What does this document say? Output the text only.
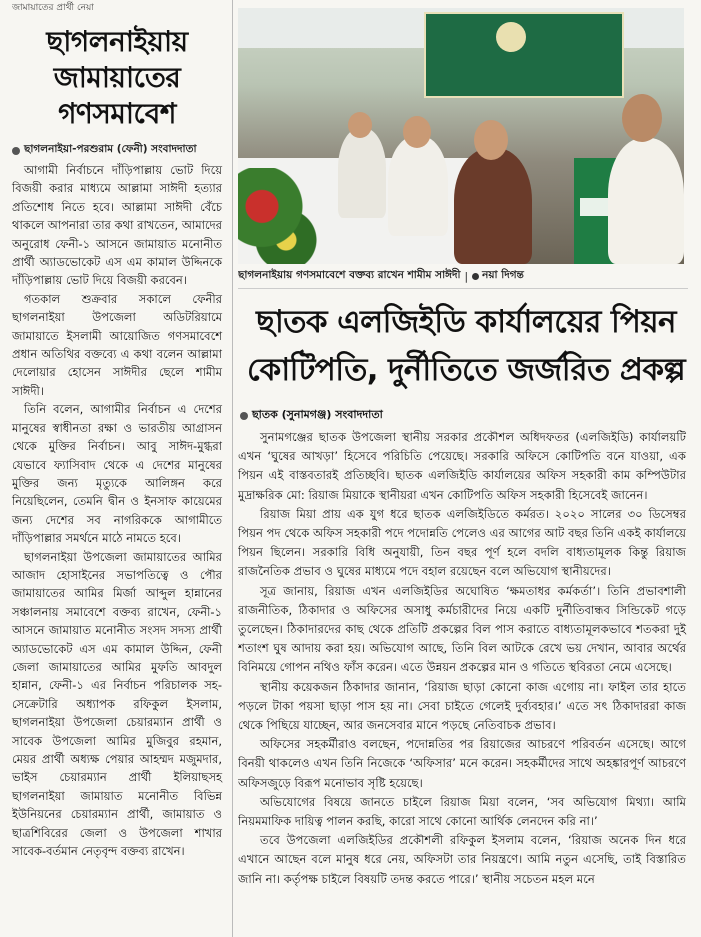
জামায়াতের প্রার্থী নেয়া
ছাগলনাইয়ায়
জামায়াতের
গণসমাবেশ
ছাগলনাইয়া-পরশুরাম (ফেনী) সংবাদদাতা

আগামী নির্বাচনে দাঁড়িপাল্লায় ভোট দিয়ে বিজয়ী করার মাধ্যমে আল্লামা সাঈদী হত্যার প্রতিশোধ নিতে হবে। আল্লামা সাঈদী বেঁচে থাকলে আপনারা তার কথা রাখতেন, আমাদের অনুরোধ ফেনী-১ আসনে জামায়াত মনোনীত প্রার্থী অ্যাডভোকেট এস এম কামাল উদ্দিনকে দাঁড়িপাল্লায় ভোট দিয়ে বিজয়ী করবেন।

গতকাল শুক্রবার সকালে ফেনীর ছাগলনাইয়া উপজেলা অডিটরিয়ামে জামায়াতে ইসলামী আয়োজিত গণসমাবেশে প্রধান অতিথির বক্তব্যে এ কথা বলেন আল্লামা দেলোয়ার হোসেন সাঈদীর ছেলে শামীম সাঈদী।

তিনি বলেন, আগামীর নির্বাচন এ দেশের মানুষের স্বাধীনতা রক্ষা ও ভারতীয় আগ্রাসন থেকে মুক্তির নির্বাচন। আবু সাঈদ-মুগ্ধরা যেভাবে ফ্যাসিবাদ থেকে এ দেশের মানুষের মুক্তির জন্য মৃত্যুকে আলিঙ্গন করে নিয়েছিলেন, তেমনি দ্বীন ও ইনসাফ কায়েমের জন্য দেশের সব নাগরিককে আগামীতে দাঁড়িপাল্লার সমর্থনে মাঠে নামতে হবে।

ছাগলনাইয়া উপজেলা জামায়াতের আমির আজাদ হোসাইনের সভাপতিত্বে ও পৌর জামায়াতের আমির মির্জা আব্দুল হান্নানের সঞ্চালনায় সমাবেশে বক্তব্য রাখেন, ফেনী-১ আসনে জামায়াত মনোনীত সংসদ সদস্য প্রার্থী অ্যাডভোকেট এস এম কামাল উদ্দিন, ফেনী জেলা জামায়াতের আমির মুফতি আবদুল হান্নান, ফেনী-১ এর নির্বাচন পরিচালক সহ-সেক্রেটারি অধ্যাপক রফিকুল ইসলাম, ছাগলনাইয়া উপজেলা চেয়ারম্যান প্রার্থী ও সাবেক উপজেলা আমির মুজিবুর রহমান, মেয়র প্রার্থী অধ্যক্ষ পেয়ার আহম্মদ মজুমদার, ভাইস চেয়ারম্যান প্রার্থী ইলিয়াছসহ ছাগলনাইয়া জামায়াত মনোনীত বিভিন্ন ইউনিয়নের চেয়ারম্যান প্রার্থী, জামায়াত ও ছাত্রশিবিরের জেলা ও উপজেলা শাখার সাবেক-বর্তমান নেতৃবৃন্দ বক্তব্য রাখেন।

ছাগলনাইয়ায় গণসমাবেশে বক্তব্য রাখেন শামীম সাঈদী | নয়া দিগন্ত
ছাতক এলজিইডি কার্যালয়ের পিয়ন
কোটিপতি, দুর্নীতিতে জর্জরিত প্রকল্প
ছাতক (সুনামগঞ্জ) সংবাদদাতা

সুনামগঞ্জের ছাতক উপজেলা স্থানীয় সরকার প্রকৌশল অধিদফতর (এলজিইডি) কার্যালয়টি এখন ‘ঘুষের আখড়া’ হিসেবে পরিচিতি পেয়েছে। সরকারি অফিসে কোটিপতি বনে যাওয়া, এক পিয়ন এই বাস্তবতারই প্রতিচ্ছবি। ছাতক এলজিইডি কার্যালয়ের অফিস সহকারী কাম কম্পিউটার মুদ্রাক্ষরিক মো: রিয়াজ মিয়াকে স্থানীয়রা এখন কোটিপতি অফিস সহকারী হিসেবেই জানেন।

রিয়াজ মিয়া প্রায় এক যুগ ধরে ছাতক এলজিইডিতে কর্মরত। ২০২০ সালের ৩০ ডিসেম্বর পিয়ন পদ থেকে অফিস সহকারী পদে পদোন্নতি পেলেও এর আগের আট বছর তিনি একই কার্যালয়ে পিয়ন ছিলেন। সরকারি বিধি অনুযায়ী, তিন বছর পূর্ণ হলে বদলি বাধ্যতামূলক কিন্তু রিয়াজ রাজনৈতিক প্রভাব ও ঘুষের মাধ্যমে পদে বহাল রয়েছেন বলে অভিযোগ স্থানীয়দের।

সূত্র জানায়, রিয়াজ এখন এলজিইডির অঘোষিত ‘ক্ষমতাধর কর্মকর্তা’। তিনি প্রভাবশালী রাজনীতিক, ঠিকাদার ও অফিসের অসাধু কর্মচারীদের নিয়ে একটি দুর্নীতিবান্ধব সিন্ডিকেট গড়ে তুলেছেন। ঠিকাদারদের কাছ থেকে প্রতিটি প্রকল্পের বিল পাস করাতে বাধ্যতামূলকভাবে শতকরা দুই শতাংশ ঘুষ আদায় করা হয়। অভিযোগ আছে, তিনি বিল আটকে রেখে ভয় দেখান, আবার অর্থের বিনিময়ে গোপন নথিও ফাঁস করেন। এতে উন্নয়ন প্রকল্পের মান ও গতিতে স্থবিরতা নেমে এসেছে।

স্থানীয় কয়েকজন ঠিকাদার জানান, ‘রিয়াজ ছাড়া কোনো কাজ এগোয় না। ফাইল তার হাতে পড়লে টাকা পয়সা ছাড়া পাস হয় না। সেবা চাইতে গেলেই দুর্ব্যবহার।’ এতে সৎ ঠিকাদাররা কাজ থেকে পিছিয়ে যাচ্ছেন, আর জনসেবার মানে পড়ছে নেতিবাচক প্রভাব।

অফিসের সহকর্মীরাও বলছেন, পদোন্নতির পর রিয়াজের আচরণে পরিবর্তন এসেছে। আগে বিনয়ী থাকলেও এখন তিনি নিজেকে ‘অফিসার’ মনে করেন। সহকর্মীদের সাথে অহঙ্কারপূর্ণ আচরণে অফিসজুড়ে বিরূপ মনোভাব সৃষ্টি হয়েছে।

অভিযোগের বিষয়ে জানতে চাইলে রিয়াজ মিয়া বলেন, ‘সব অভিযোগ মিথ্যা। আমি নিয়মমাফিক দায়িত্ব পালন করছি, কারো সাথে কোনো আর্থিক লেনদেন করি না।’

তবে উপজেলা এলজিইডির প্রকৌশলী রফিকুল ইসলাম বলেন, ‘রিয়াজ অনেক দিন ধরে এখানে আছেন বলে মানুষ ধরে নেয়, অফিসটা তার নিয়ন্ত্রণে। আমি নতুন এসেছি, তাই বিস্তারিত জানি না। কর্তৃপক্ষ চাইলে বিষয়টি তদন্ত করতে পারে।’ স্থানীয় সচেতন মহল মনে
